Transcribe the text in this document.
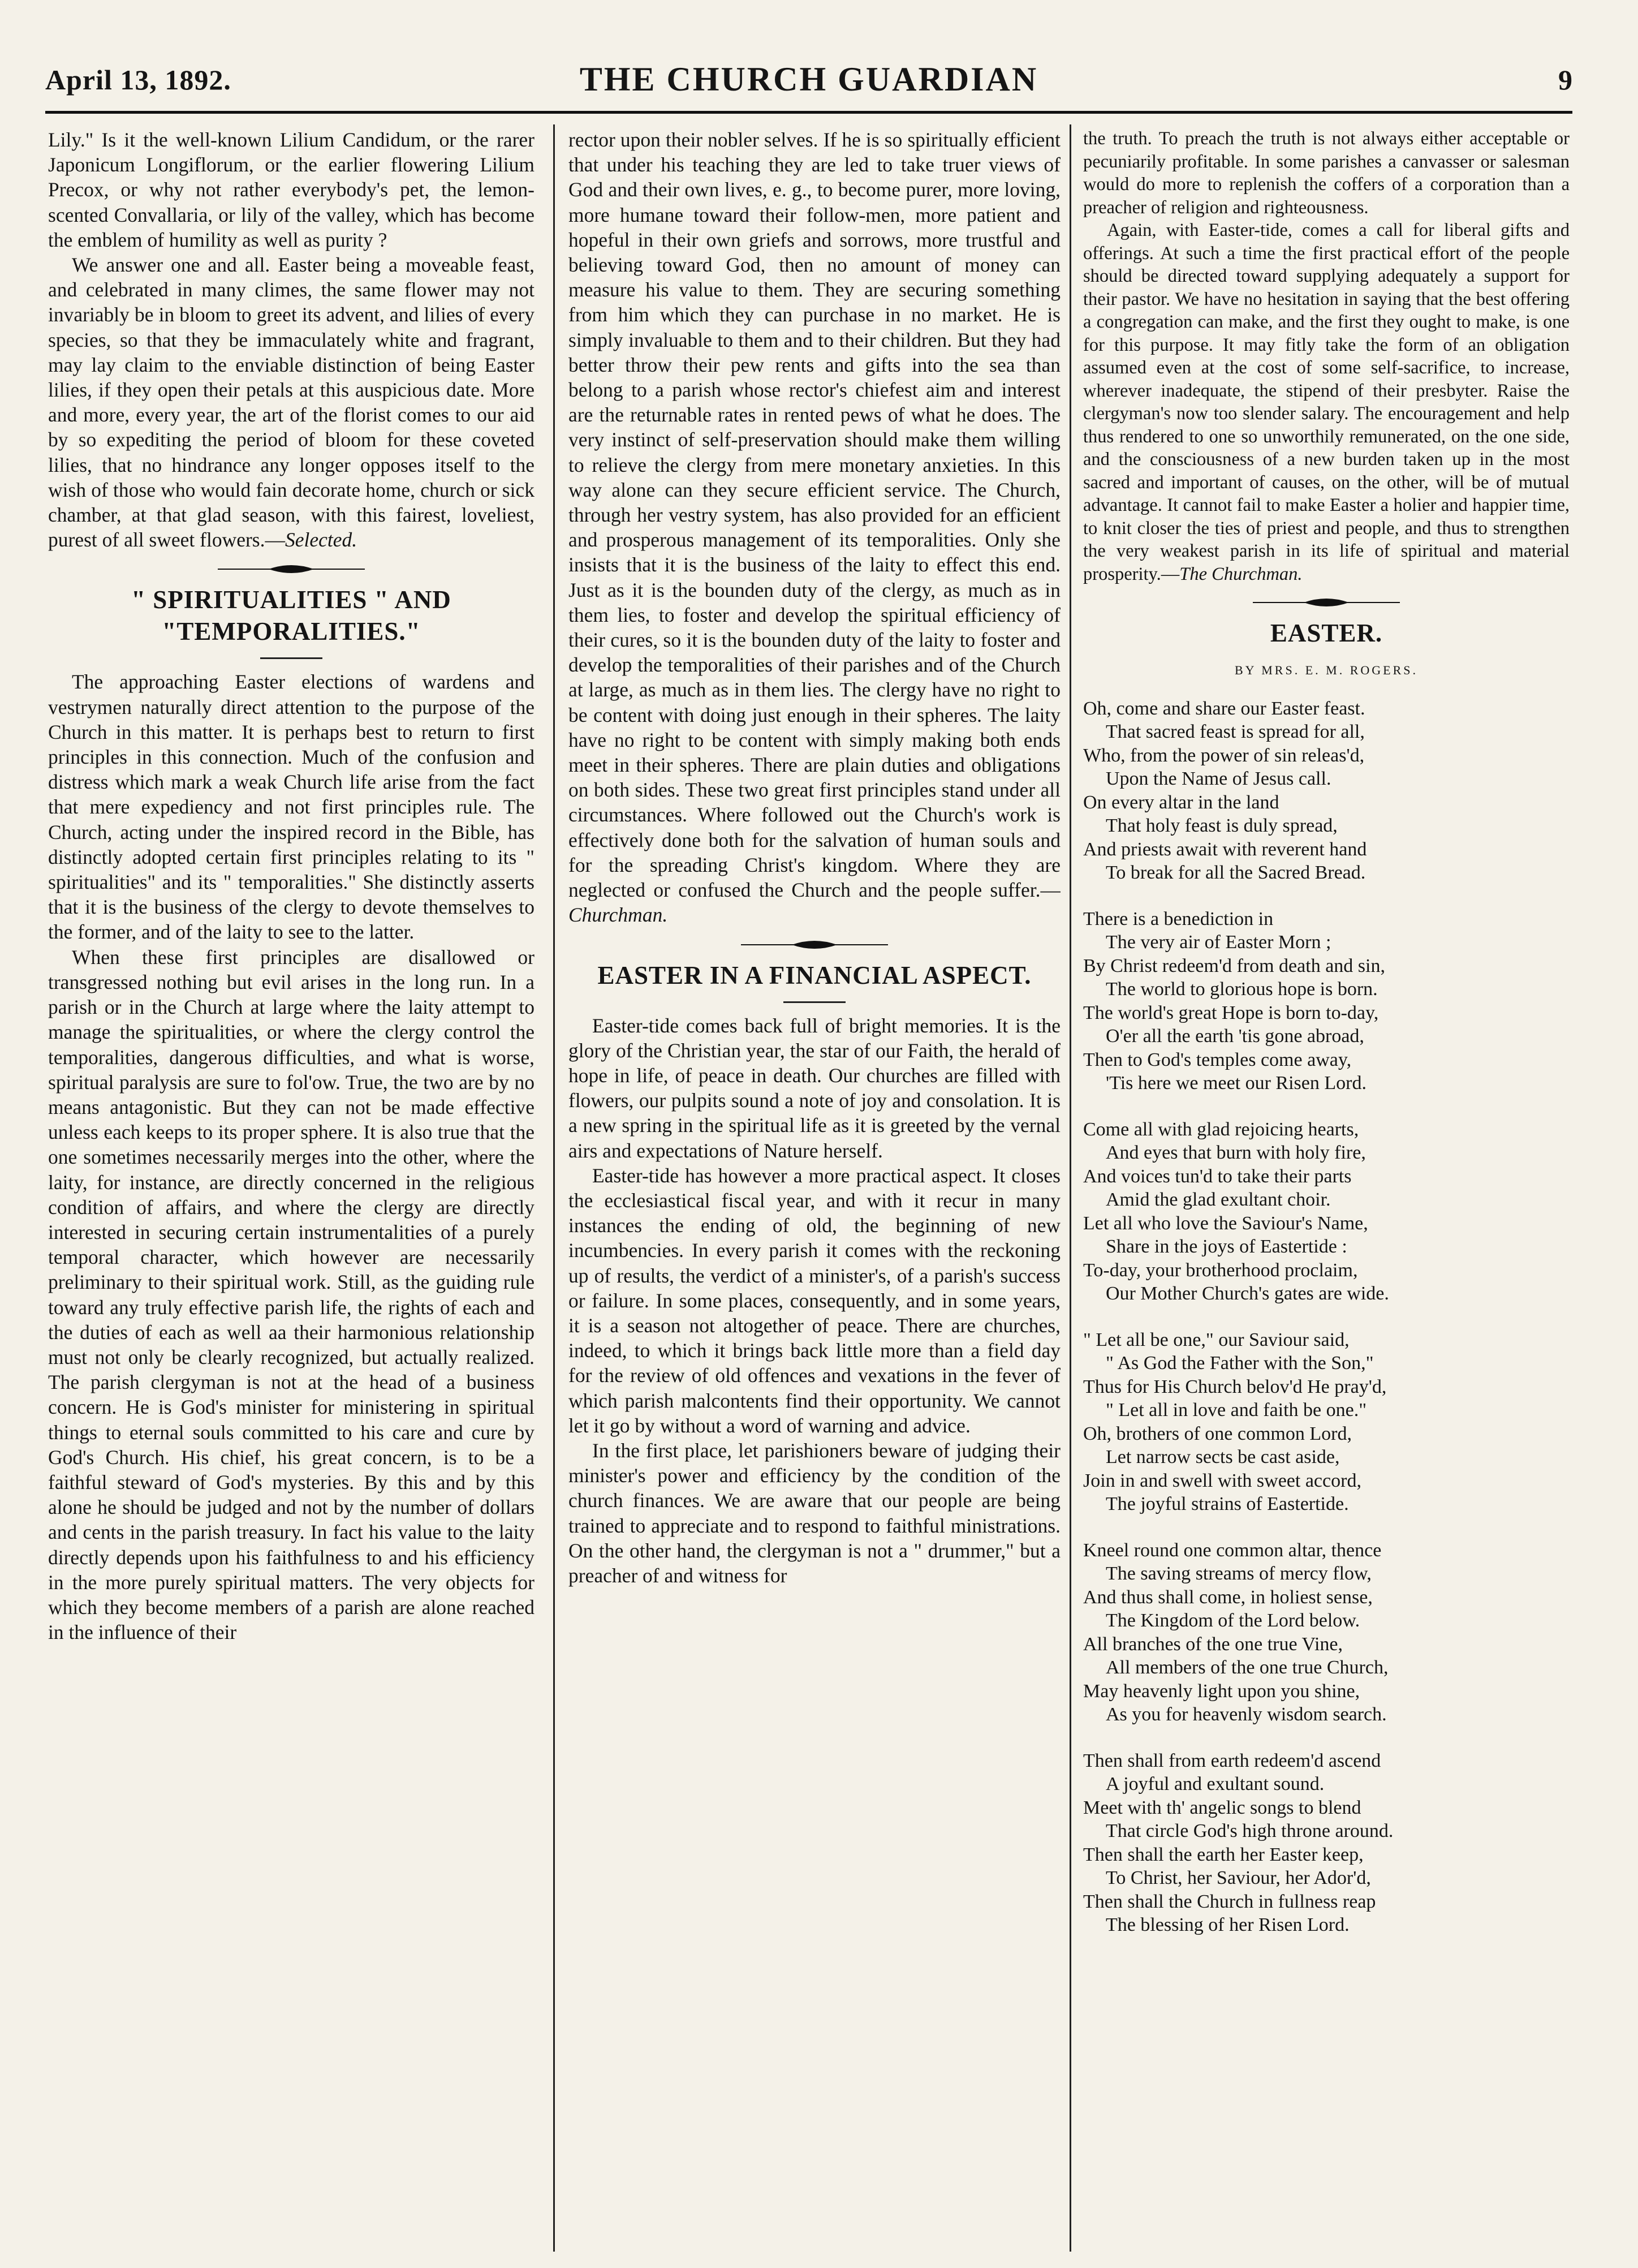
April 13, 1892.	THE CHURCH GUARDIAN	9

Lily." Is it the well-known Lilium Candidum, or the rarer Japonicum Longiflorum, or the earlier flowering Lilium Precox, or why not rather everybody's pet, the lemon-scented Convallaria, or lily of the valley, which has become the emblem of humility as well as purity ?

We answer one and all. Easter being a moveable feast, and celebrated in many climes, the same flower may not invariably be in bloom to greet its advent, and lilies of every species, so that they be immaculately white and fragrant, may lay claim to the enviable distinction of being Easter lilies, if they open their petals at this auspicious date. More and more, every year, the art of the florist comes to our aid by so expediting the period of bloom for these coveted lilies, that no hindrance any longer opposes itself to the wish of those who would fain decorate home, church or sick chamber, at that glad season, with this fairest, loveliest, purest of all sweet flowers.—Selected.

" SPIRITUALITIES " AND "TEMPORALITIES."

The approaching Easter elections of wardens and vestrymen naturally direct attention to the purpose of the Church in this matter. It is perhaps best to return to first principles in this connection. Much of the confusion and distress which mark a weak Church life arise from the fact that mere expediency and not first principles rule. The Church, acting under the inspired record in the Bible, has distinctly adopted certain first principles relating to its " spiritualities" and its " temporalities." She distinctly asserts that it is the business of the clergy to devote themselves to the former, and of the laity to see to the latter.

When these first principles are disallowed or transgressed nothing but evil arises in the long run. In a parish or in the Church at large where the laity attempt to manage the spiritualities, or where the clergy control the temporalities, dangerous difficulties, and what is worse, spiritual paralysis are sure to fol'ow. True, the two are by no means antagonistic. But they can not be made effective unless each keeps to its proper sphere. It is also true that the one sometimes necessarily merges into the other, where the laity, for instance, are directly concerned in the religious condition of affairs, and where the clergy are directly interested in securing certain instrumentalities of a purely temporal character, which however are necessarily preliminary to their spiritual work. Still, as the guiding rule toward any truly effective parish life, the rights of each and the duties of each as well aa their harmonious relationship must not only be clearly recognized, but actually realized. The parish clergyman is not at the head of a business concern. He is God's minister for ministering in spiritual things to eternal souls committed to his care and cure by God's Church. His chief, his great concern, is to be a faithful steward of God's mysteries. By this and by this alone he should be judged and not by the number of dollars and cents in the parish treasury. In fact his value to the laity directly depends upon his faithfulness to and his efficiency in the more purely spiritual matters. The very objects for which they become members of a parish are alone reached in the influence of their

rector upon their nobler selves. If he is so spiritually efficient that under his teaching they are led to take truer views of God and their own lives, e. g., to become purer, more loving, more humane toward their follow-men, more patient and hopeful in their own griefs and sorrows, more trustful and believing toward God, then no amount of money can measure his value to them. They are securing something from him which they can purchase in no market. He is simply invaluable to them and to their children. But they had better throw their pew rents and gifts into the sea than belong to a parish whose rector's chiefest aim and interest are the returnable rates in rented pews of what he does. The very instinct of self-preservation should make them willing to relieve the clergy from mere monetary anxieties. In this way alone can they secure efficient service. The Church, through her vestry system, has also provided for an efficient and prosperous management of its temporalities. Only she insists that it is the business of the laity to effect this end. Just as it is the bounden duty of the clergy, as much as in them lies, to foster and develop the spiritual efficiency of their cures, so it is the bounden duty of the laity to foster and develop the temporalities of their parishes and of the Church at large, as much as in them lies. The clergy have no right to be content with doing just enough in their spheres. The laity have no right to be content with simply making both ends meet in their spheres. There are plain duties and obligations on both sides. These two great first principles stand under all circumstances. Where followed out the Church's work is effectively done both for the salvation of human souls and for the spreading Christ's kingdom. Where they are neglected or confused the Church and the people suffer.—Churchman.

EASTER IN A FINANCIAL ASPECT.

Easter-tide comes back full of bright memories. It is the glory of the Christian year, the star of our Faith, the herald of hope in life, of peace in death. Our churches are filled with flowers, our pulpits sound a note of joy and consolation. It is a new spring in the spiritual life as it is greeted by the vernal airs and expectations of Nature herself.

Easter-tide has however a more practical aspect. It closes the ecclesiastical fiscal year, and with it recur in many instances the ending of old, the beginning of new incumbencies. In every parish it comes with the reckoning up of results, the verdict of a minister's, of a parish's success or failure. In some places, consequently, and in some years, it is a season not altogether of peace. There are churches, indeed, to which it brings back little more than a field day for the review of old offences and vexations in the fever of which parish malcontents find their opportunity. We cannot let it go by without a word of warning and advice.

In the first place, let parishioners beware of judging their minister's power and efficiency by the condition of the church finances. We are aware that our people are being trained to appreciate and to respond to faithful ministrations. On the other hand, the clergyman is not a " drummer," but a preacher of and witness for

the truth. To preach the truth is not always either acceptable or pecuniarily profitable. In some parishes a canvasser or salesman would do more to replenish the coffers of a corporation than a preacher of religion and righteousness.

Again, with Easter-tide, comes a call for liberal gifts and offerings. At such a time the first practical effort of the people should be directed toward supplying adequately a support for their pastor. We have no hesitation in saying that the best offering a congregation can make, and the first they ought to make, is one for this purpose. It may fitly take the form of an obligation assumed even at the cost of some self-sacrifice, to increase, wherever inadequate, the stipend of their presbyter. Raise the clergyman's now too slender salary. The encouragement and help thus rendered to one so unworthily remunerated, on the one side, and the consciousness of a new burden taken up in the most sacred and important of causes, on the other, will be of mutual advantage. It cannot fail to make Easter a holier and happier time, to knit closer the ties of priest and people, and thus to strengthen the very weakest parish in its life of spiritual and material prosperity.—The Churchman.

EASTER.
BY MRS. E. M. ROGERS.
Oh, come and share our Easter feast.
That sacred feast is spread for all,
Who, from the power of sin releas'd,
Upon the Name of Jesus call.
On every altar in the land
That holy feast is duly spread,
And priests await with reverent hand
To break for all the Sacred Bread.
There is a benediction in
The very air of Easter Morn ;
By Christ redeem'd from death and sin,
The world to glorious hope is born.
The world's great Hope is born to-day,
O'er all the earth 'tis gone abroad,
Then to God's temples come away,
'Tis here we meet our Risen Lord.
Come all with glad rejoicing hearts,
And eyes that burn with holy fire,
And voices tun'd to take their parts
Amid the glad exultant choir.
Let all who love the Saviour's Name,
Share in the joys of Eastertide :
To-day, your brotherhood proclaim,
Our Mother Church's gates are wide.
" Let all be one," our Saviour said,
" As God the Father with the Son,"
Thus for His Church belov'd He pray'd,
" Let all in love and faith be one."
Oh, brothers of one common Lord,
Let narrow sects be cast aside,
Join in and swell with sweet accord,
The joyful strains of Eastertide.
Kneel round one common altar, thence
The saving streams of mercy flow,
And thus shall come, in holiest sense,
The Kingdom of the Lord below.
All branches of the one true Vine,
All members of the one true Church,
May heavenly light upon you shine,
As you for heavenly wisdom search.
Then shall from earth redeem'd ascend
A joyful and exultant sound.
Meet with th' angelic songs to blend
That circle God's high throne around.
Then shall the earth her Easter keep,
To Christ, her Saviour, her Ador'd,
Then shall the Church in fullness reap
The blessing of her Risen Lord.
